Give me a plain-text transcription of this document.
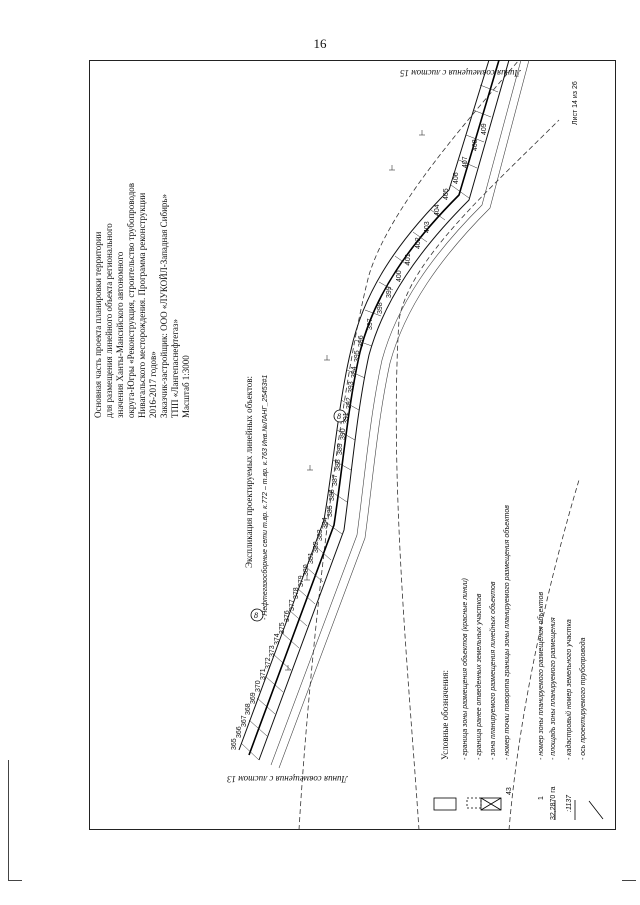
16
Основная часть проекта планировки территории для размещения линейного объекта регионального значения Ханты-Мансийского автономного округа-Югры «Реконструкция, строительство трубопроводов Нивагальского месторождения. Программа реконструкции 2016-2017 годов» Заказчик-застройщик: ООО «ЛУКОЙЛ-Западная Сибирь» ТПП «Лангепаснефтегаз» Масштаб 1:3000	8
8
Линия совмещения с листом 15
Линия совмещения с листом 13
Лист 14 из 26
Экспликация проектируемых линейных объектов: - Нефтегазосборные сети т.вр. к.772 – т.вр. к.763 Инв.№ЛАНГ_25453#1
Условные обозначения: - граница зоны размещения объектов (красные линии) - граница ранее отведенных земельных участков - зона планируемого размещения линейных объектов - номер точки поворота границы зоны планируемого размещения объектов	- номер зоны планируемого размещения объектов - площадь зоны планируемого размещения - кадастровый номер земельного участка - ось проектируемого трубопровода
43
1 32,2870 га :1137
365
366
367
368
369
370
371
372
373
374
375
376
377
378
379
380
381
382
383
384
385
386
387
388
389
390
391
392
393
394
395
396
397
398
399
400
401
402
403
404
405
406
407
408
409
